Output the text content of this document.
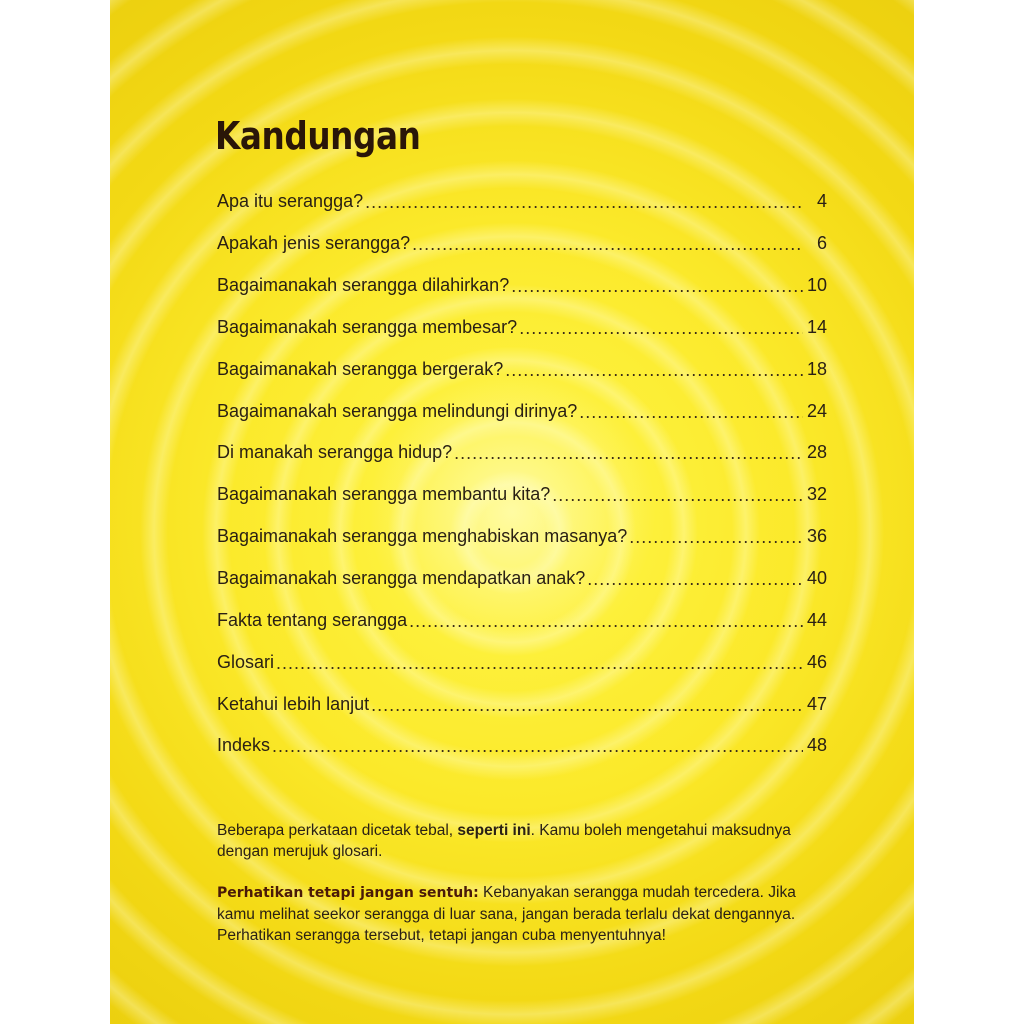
Kandungan
Apa itu serangga? .....	4
Apakah jenis serangga? .....	6
Bagaimanakah serangga dilahirkan? .....	10
Bagaimanakah serangga membesar? .....	14
Bagaimanakah serangga bergerak? .....	18
Bagaimanakah serangga melindungi dirinya? .....	24
Di manakah serangga hidup? .....	28
Bagaimanakah serangga membantu kita? .....	32
Bagaimanakah serangga menghabiskan masanya? .....	36
Bagaimanakah serangga mendapatkan anak? .....	40
Fakta tentang serangga .....	44
Glosari .....	46
Ketahui lebih lanjut .....	47
Indeks .....	48

Beberapa perkataan dicetak tebal, seperti ini. Kamu boleh mengetahui maksudnya dengan merujuk glosari.

Perhatikan tetapi jangan sentuh: Kebanyakan serangga mudah tercedera. Jika kamu melihat seekor serangga di luar sana, jangan berada terlalu dekat dengannya. Perhatikan serangga tersebut, tetapi jangan cuba menyentuhnya!
